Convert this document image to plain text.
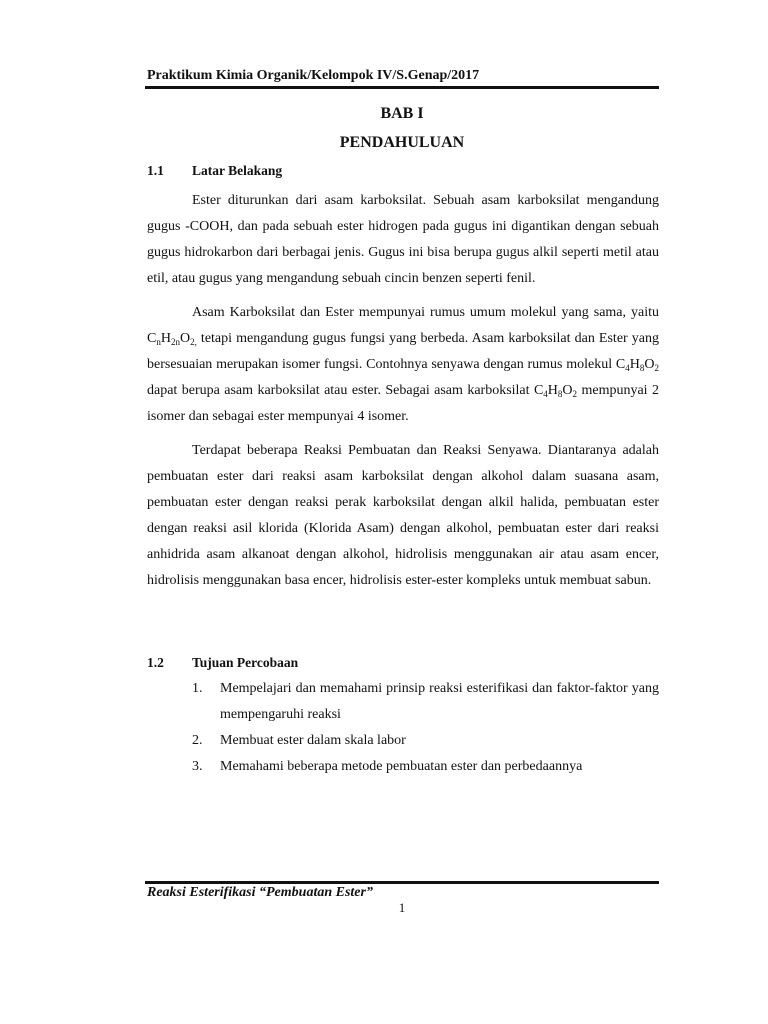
Praktikum Kimia Organik/Kelompok IV/S.Genap/2017
BAB I
PENDAHULUAN
1.1 Latar Belakang

Ester diturunkan dari asam karboksilat. Sebuah asam karboksilat mengandung gugus -COOH, dan pada sebuah ester hidrogen pada gugus ini digantikan dengan sebuah gugus hidrokarbon dari berbagai jenis. Gugus ini bisa berupa gugus alkil seperti metil atau etil, atau gugus yang mengandung sebuah cincin benzen seperti fenil.

Asam Karboksilat dan Ester mempunyai rumus umum molekul yang sama, yaitu $C_nH_{2n}O_{2,}$ tetapi mengandung gugus fungsi yang berbeda. Asam karboksilat dan Ester yang bersesuaian merupakan isomer fungsi. Contohnya senyawa dengan rumus molekul $C_4H_8O_2$ dapat berupa asam karboksilat atau ester. Sebagai asam karboksilat $C_4H_8O_2$ mempunyai 2 isomer dan sebagai ester mempunyai 4 isomer.

Terdapat beberapa Reaksi Pembuatan dan Reaksi Senyawa. Diantaranya adalah pembuatan ester dari reaksi asam karboksilat dengan alkohol dalam suasana asam, pembuatan ester dengan reaksi perak karboksilat dengan alkil halida, pembuatan ester dengan reaksi asil klorida (Klorida Asam) dengan alkohol, pembuatan ester dari reaksi anhidrida asam alkanoat dengan alkohol, hidrolisis menggunakan air atau asam encer, hidrolisis menggunakan basa encer, hidrolisis ester-ester kompleks untuk membuat sabun.

1.2 Tujuan Percobaan
1. Mempelajari dan memahami prinsip reaksi esterifikasi dan faktor-faktor yang mempengaruhi reaksi
2. Membuat ester dalam skala labor
3. Memahami beberapa metode pembuatan ester dan perbedaannya
Reaksi Esterifikasi “Pembuatan Ester”
1
